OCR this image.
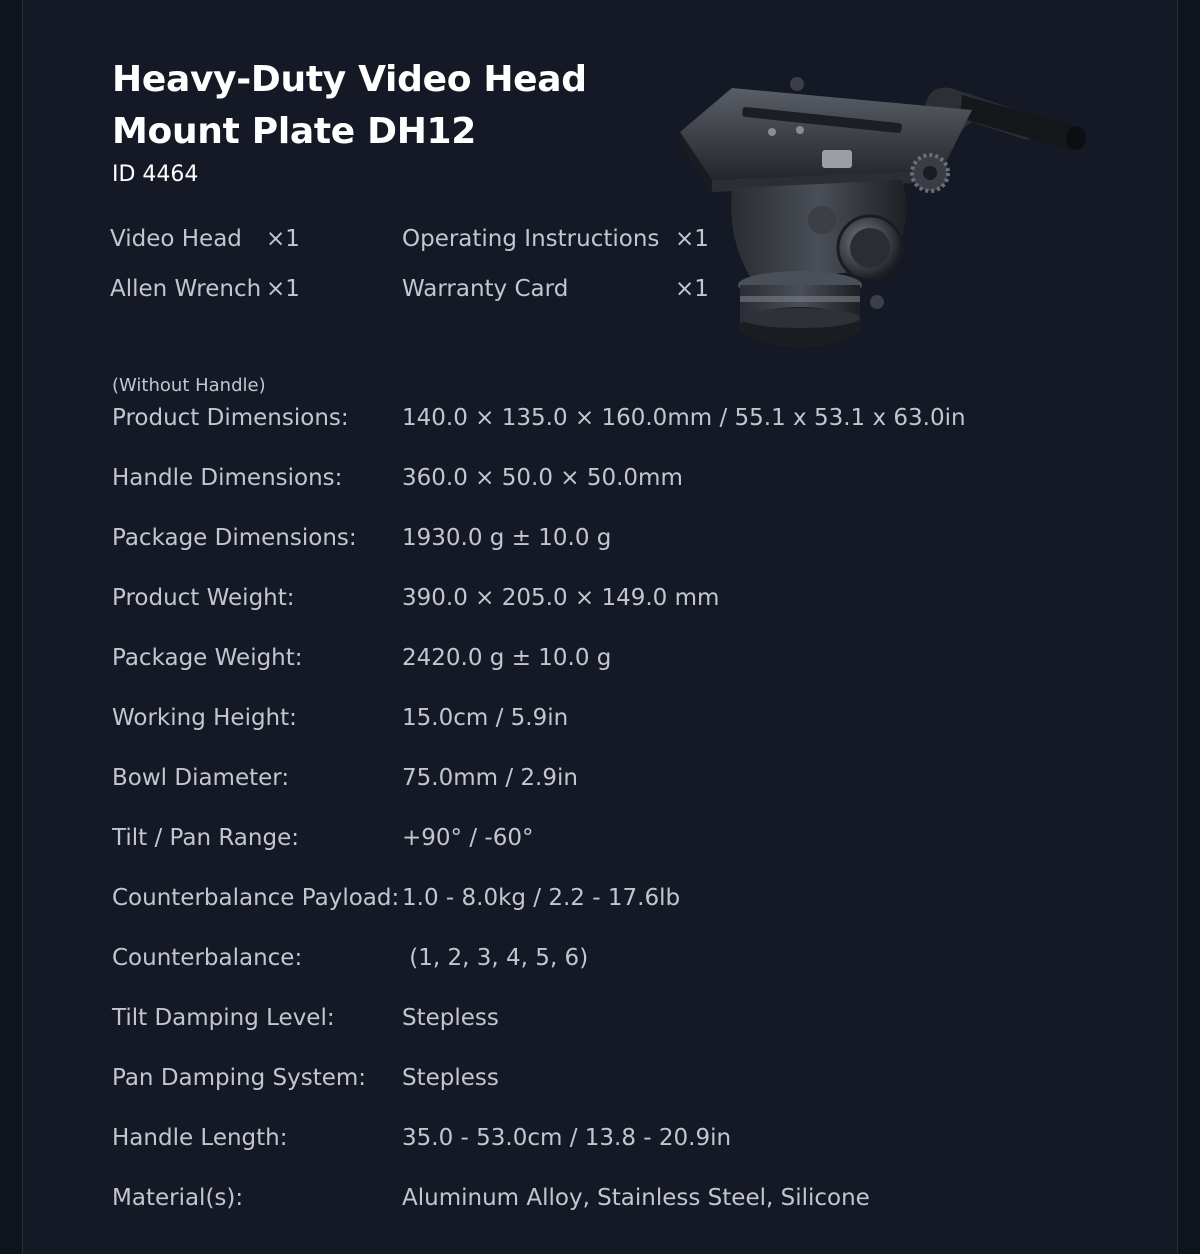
Heavy-Duty Video Head
Mount Plate DH12
ID 4464
Video Head ×1	Operating Instructions ×1
Allen Wrench ×1	Warranty Card	×1
(Without Handle)
Product Dimensions: 140.0 × 135.0 × 160.0mm / 55.1 x 53.1 x 63.0in
Handle Dimensions:	360.0 × 50.0 × 50.0mm
Package Dimensions: 1930.0 g ± 10.0 g
Product Weight:	390.0 × 205.0 × 149.0 mm
Package Weight:	2420.0 g ± 10.0 g
Working Height:	15.0cm / 5.9in
Bowl Diameter:	75.0mm / 2.9in
Tilt / Pan Range:	+90° / -60°
Counterbalance Payload: 1.0 - 8.0kg / 2.2 - 17.6lb
Counterbalance:	(1, 2, 3, 4, 5, 6)
Tilt Damping Level:	Stepless
Pan Damping System: Stepless
Handle Length:	35.0 - 53.0cm / 13.8 - 20.9in
Material(s):	Aluminum Alloy, Stainless Steel, Silicone
